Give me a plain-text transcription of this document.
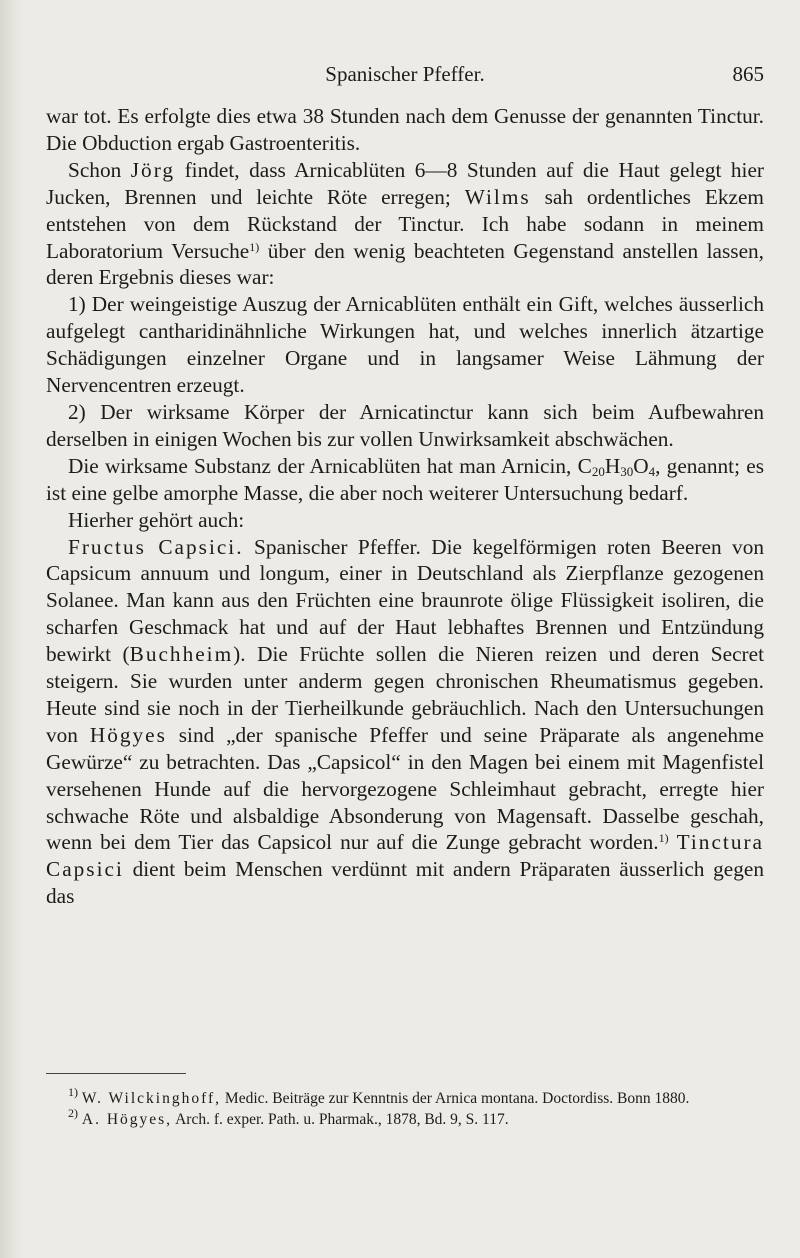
Spanischer Pfeffer.	865

war tot. Es erfolgte dies etwa 38 Stunden nach dem Genusse der genannten Tinctur. Die Obduction ergab Gastroenteritis.

Schon Jörg findet, dass Arnicablüten 6—8 Stunden auf die Haut gelegt hier Jucken, Brennen und leichte Röte erregen; Wilms sah ordentliches Ekzem entstehen von dem Rückstand der Tinctur. Ich habe sodann in meinem Laboratorium Versuche$^{1)}$ über den wenig beachteten Gegenstand anstellen lassen, deren Ergebnis dieses war:

1) Der weingeistige Auszug der Arnicablüten enthält ein Gift, welches äusserlich aufgelegt cantharidinähnliche Wirkungen hat, und welches innerlich ätzartige Schädigungen einzelner Organe und in langsamer Weise Lähmung der Nervencentren erzeugt.

2) Der wirksame Körper der Arnicatinctur kann sich beim Aufbewahren derselben in einigen Wochen bis zur vollen Unwirksamkeit abschwächen.

Die wirksame Substanz der Arnicablüten hat man Arnicin, $C_{20}H_{30}O_4$, genannt; es ist eine gelbe amorphe Masse, die aber noch weiterer Untersuchung bedarf.

Hierher gehört auch:

Fructus Capsici. Spanischer Pfeffer. Die kegelförmigen roten Beeren von Capsicum annuum und longum, einer in Deutschland als Zierpflanze gezogenen Solanee. Man kann aus den Früchten eine braunrote ölige Flüssigkeit isoliren, die scharfen Geschmack hat und auf der Haut lebhaftes Brennen und Entzündung bewirkt (Buchheim). Die Früchte sollen die Nieren reizen und deren Secret steigern. Sie wurden unter anderm gegen chronischen Rheumatismus gegeben. Heute sind sie noch in der Tierheilkunde gebräuchlich. Nach den Untersuchungen von Högyes sind „der spanische Pfeffer und seine Präparate als angenehme Gewürze“ zu betrachten. Das „Capsicol“ in den Magen bei einem mit Magenfistel versehenen Hunde auf die hervorgezogene Schleimhaut gebracht, erregte hier schwache Röte und alsbaldige Absonderung von Magensaft. Dasselbe geschah, wenn bei dem Tier das Capsicol nur auf die Zunge gebracht worden.$^{1)}$ Tinctura Capsici dient beim Menschen verdünnt mit andern Präparaten äusserlich gegen das

$^{1)}$ W. Wilckinghoff, Medic. Beiträge zur Kenntnis der Arnica montana. Doctordiss. Bonn 1880.

$^{2)}$ A. Högyes, Arch. f. exper. Path. u. Pharmak., 1878, Bd. 9, S. 117.
